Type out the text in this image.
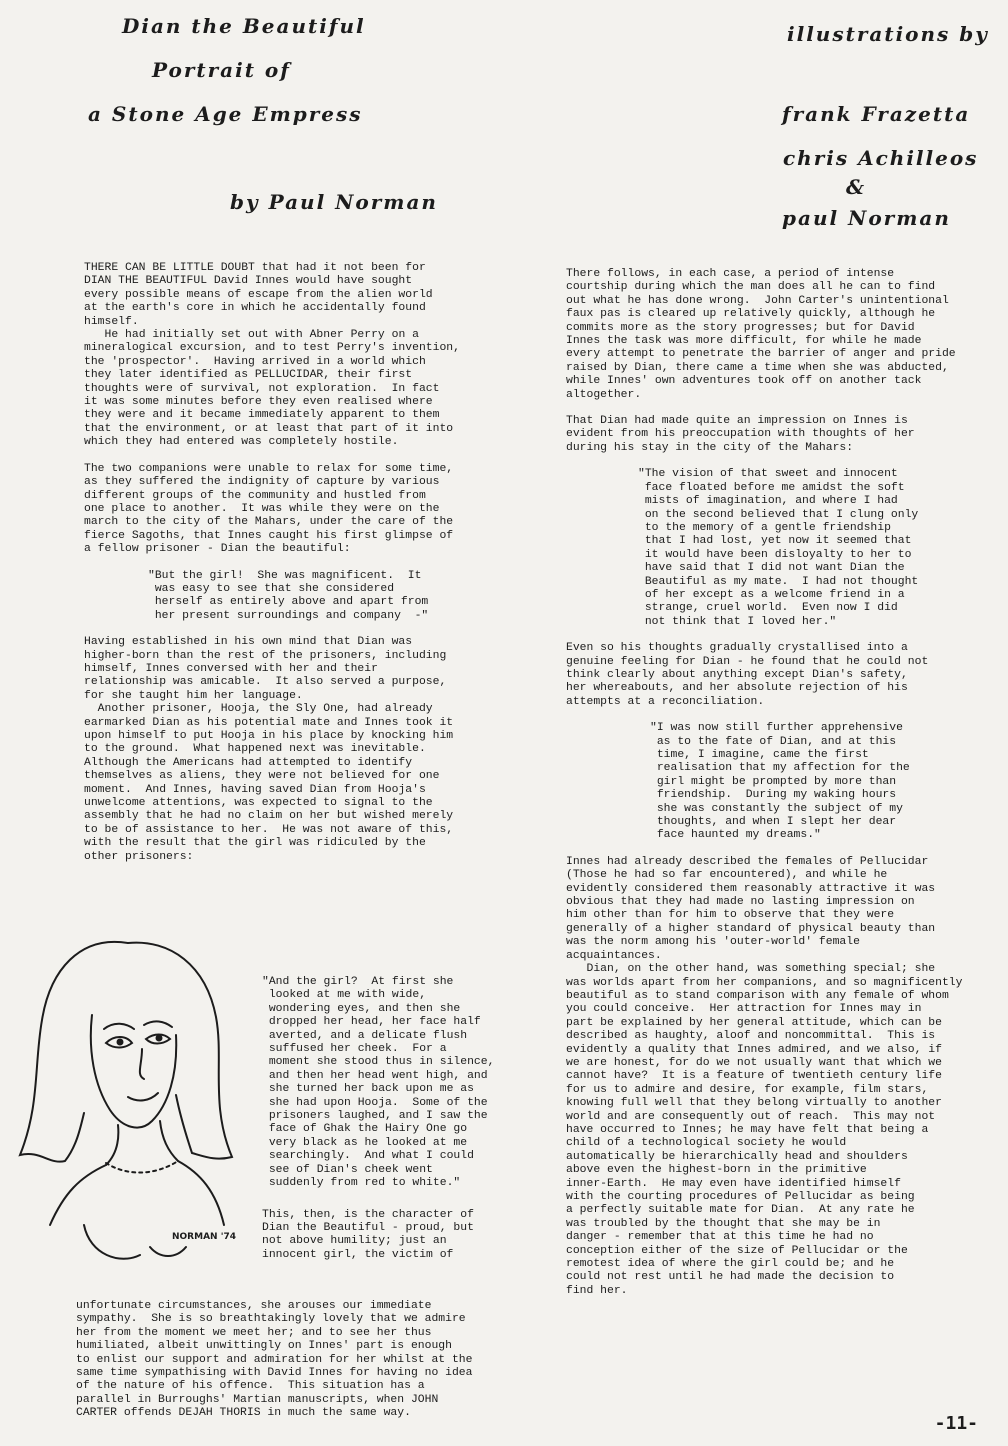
Dian the Beautiful
Portrait of
a Stone Age Empress
by Paul Norman
illustrations by
frank Frazetta
chris Achilleos
&
paul Norman

THERE CAN BE LITTLE DOUBT that had it not been for
DIAN THE BEAUTIFUL David Innes would have sought
every possible means of escape from the alien world
at the earth's core in which he accidentally found
himself.
He had initially set out with Abner Perry on a
mineralogical excursion, and to test Perry's invention,
the 'prospector'.  Having arrived in a world which
they later identified as PELLUCIDAR, their first
thoughts were of survival, not exploration.  In fact
it was some minutes before they even realised where
they were and it became immediately apparent to them
that the environment, or at least that part of it into
which they had entered was completely hostile.

The two companions were unable to relax for some time,
as they suffered the indignity of capture by various
different groups of the community and hustled from
one place to another.  It was while they were on the
march to the city of the Mahars, under the care of the
fierce Sagoths, that Innes caught his first glimpse of
a fellow prisoner - Dian the beautiful:

"But the girl!  She was magnificent.  It
was easy to see that she considered
herself as entirely above and apart from
her present surroundings and company  -"

Having established in his own mind that Dian was
higher-born than the rest of the prisoners, including
himself, Innes conversed with her and their
relationship was amicable.  It also served a purpose,
for she taught him her language.
Another prisoner, Hooja, the Sly One, had already
earmarked Dian as his potential mate and Innes took it
upon himself to put Hooja in his place by knocking him
to the ground.  What happened next was inevitable.
Although the Americans had attempted to identify
themselves as aliens, they were not believed for one
moment.  And Innes, having saved Dian from Hooja's
unwelcome attentions, was expected to signal to the
assembly that he had no claim on her but wished merely
to be of assistance to her.  He was not aware of this,
with the result that the girl was ridiculed by the
other prisoners:

NORMAN '74

"And the girl?  At first she
looked at me with wide,
wondering eyes, and then she
dropped her head, her face half
averted, and a delicate flush
suffused her cheek.  For a
moment she stood thus in silence,
and then her head went high, and
she turned her back upon me as
she had upon Hooja.  Some of the
prisoners laughed, and I saw the
face of Ghak the Hairy One go
very black as he looked at me
searchingly.  And what I could
see of Dian's cheek went
suddenly from red to white."

This, then, is the character of
Dian the Beautiful - proud, but
not above humility; just an
innocent girl, the victim of

unfortunate circumstances, she arouses our immediate
sympathy.  She is so breathtakingly lovely that we admire
her from the moment we meet her; and to see her thus
humiliated, albeit unwittingly on Innes' part is enough
to enlist our support and admiration for her whilst at the
same time sympathising with David Innes for having no idea
of the nature of his offence.  This situation has a
parallel in Burroughs' Martian manuscripts, when JOHN
CARTER offends DEJAH THORIS in much the same way.

There follows, in each case, a period of intense
courtship during which the man does all he can to find
out what he has done wrong.  John Carter's unintentional
faux pas is cleared up relatively quickly, although he
commits more as the story progresses; but for David
Innes the task was more difficult, for while he made
every attempt to penetrate the barrier of anger and pride
raised by Dian, there came a time when she was abducted,
while Innes' own adventures took off on another tack
altogether.

That Dian had made quite an impression on Innes is
evident from his preoccupation with thoughts of her
during his stay in the city of the Mahars:

"The vision of that sweet and innocent
face floated before me amidst the soft
mists of imagination, and where I had
on the second believed that I clung only
to the memory of a gentle friendship
that I had lost, yet now it seemed that
it would have been disloyalty to her to
have said that I did not want Dian the
Beautiful as my mate.  I had not thought
of her except as a welcome friend in a
strange, cruel world.  Even now I did
not think that I loved her."

Even so his thoughts gradually crystallised into a
genuine feeling for Dian - he found that he could not
think clearly about anything except Dian's safety,
her whereabouts, and her absolute rejection of his
attempts at a reconciliation.

"I was now still further apprehensive
as to the fate of Dian, and at this
time, I imagine, came the first
realisation that my affection for the
girl might be prompted by more than
friendship.  During my waking hours
she was constantly the subject of my
thoughts, and when I slept her dear
face haunted my dreams."

Innes had already described the females of Pellucidar
(Those he had so far encountered), and while he
evidently considered them reasonably attractive it was
obvious that they had made no lasting impression on
him other than for him to observe that they were
generally of a higher standard of physical beauty than
was the norm among his 'outer-world' female
acquaintances.
Dian, on the other hand, was something special; she
was worlds apart from her companions, and so magnificently
beautiful as to stand comparison with any female of whom
you could conceive.  Her attraction for Innes may in
part be explained by her general attitude, which can be
described as haughty, aloof and noncommittal.  This is
evidently a quality that Innes admired, and we also, if
we are honest, for do we not usually want that which we
cannot have?  It is a feature of twentieth century life
for us to admire and desire, for example, film stars,
knowing full well that they belong virtually to another
world and are consequently out of reach.  This may not
have occurred to Innes; he may have felt that being a
child of a technological society he would
automatically be hierarchically head and shoulders
above even the highest-born in the primitive
inner-Earth.  He may even have identified himself
with the courting procedures of Pellucidar as being
a perfectly suitable mate for Dian.  At any rate he
was troubled by the thought that she may be in
danger - remember that at this time he had no
conception either of the size of Pellucidar or the
remotest idea of where the girl could be; and he
could not rest until he had made the decision to
find her.

-11-
